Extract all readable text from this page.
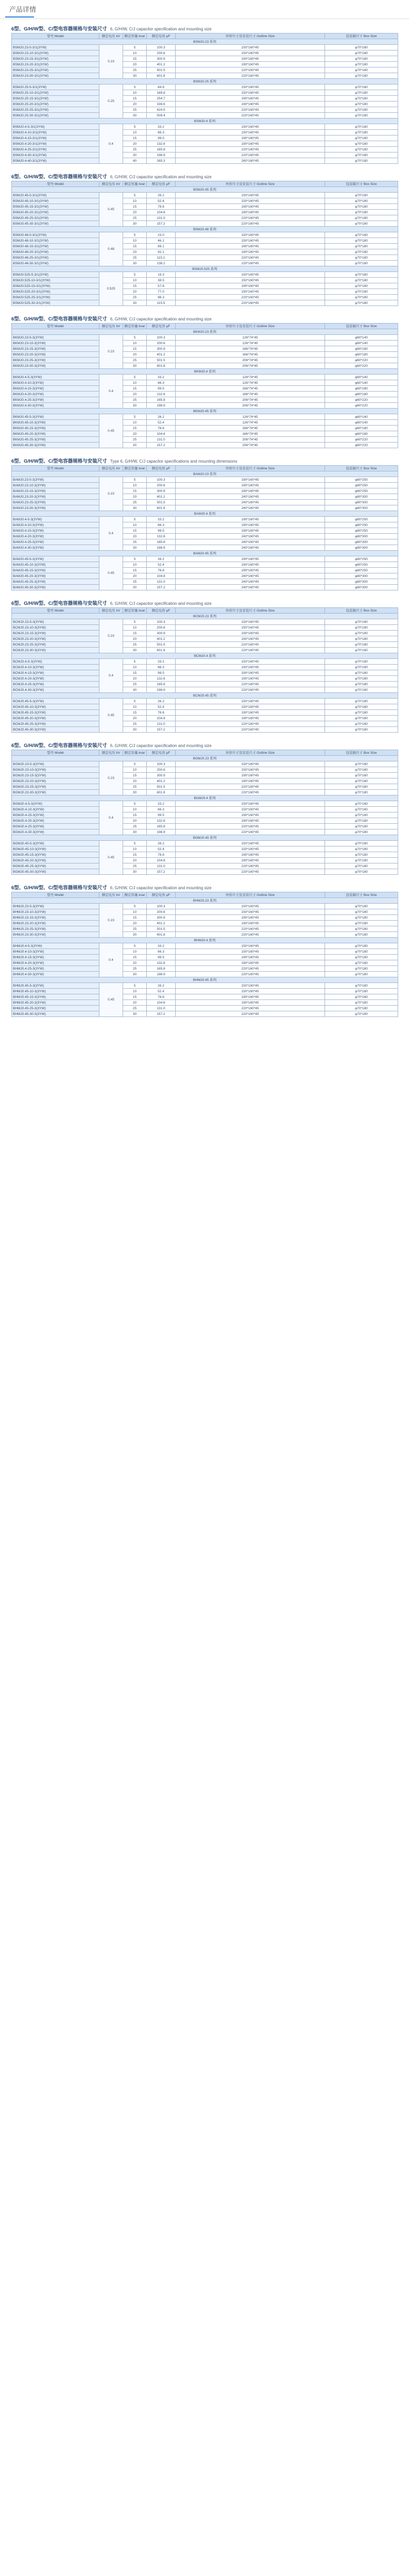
产品详情
6型、G/H/W型、C/型电容器规格与安装尺寸 6, G/H/W, C/J capacitor specification and mounting size
型号 Model	额定电压 kV	额定容量 kvar	额定电容 μF	外形尺寸及安装尺寸 Outline Size	包装箱尺寸 Box Size
BSMJ0.23 系列					
BSMJ0.23-5-3/1(3YW)	0.23	5	100.3	150*160*45	φ70*180
BSMJ0.23-10-3/1(3YW)		10	200.6	150*160*45	φ70*180
BSMJ0.23-15-3/1(3YW)		15	300.9	190*160*45	φ70*180
BSMJ0.23-20-3/1(3YW)		20	401.2	190*160*45	φ70*180
BSMJ0.23-25-3/1(3YW)		25	501.5	220*160*45	φ70*180
BSMJ0.23-30-3/1(3YW)		30	601.8	220*160*45	φ70*180
BSMJ0.25 系列					
BSMJ0.25-5-3/1(3YW)	0.25	5	84.9	150*160*45	φ70*180
BSMJ0.25-10-3/1(3YW)		10	169.8	150*160*45	φ70*180
BSMJ0.25-15-3/1(3YW)		15	254.7	190*160*45	φ70*180
BSMJ0.25-20-3/1(3YW)		20	339.6	190*160*45	φ70*180
BSMJ0.25-25-3/1(3YW)		25	424.5	220*160*45	φ70*180
BSMJ0.25-30-3/1(3YW)		30	509.4	220*160*45	φ70*180
BSMJ0.4 系列					
BSMJ0.4-5-3/1(3YW)	0.4	5	33.2	150*160*45	φ70*180
BSMJ0.4-10-3/1(3YW)		10	66.3	150*160*45	φ70*180
BSMJ0.4-15-3/1(3YW)		15	99.5	190*160*45	φ70*180
BSMJ0.4-20-3/1(3YW)		20	132.6	190*160*45	φ70*180
BSMJ0.4-25-3/1(3YW)		25	165.8	220*160*45	φ70*180
BSMJ0.4-30-3/1(3YW)		30	198.9	220*160*45	φ70*180
BSMJ0.4-40-3/1(3YW)		40	265.3	260*160*45	φ70*180
6型、G/H/W型、C/型电容器规格与安装尺寸 6, G/H/W, C/J capacitor specification and mounting size
型号 Model	额定电压 kV	额定容量 kvar	额定电容 μF	外形尺寸及安装尺寸 Outline Size	包装箱尺寸 Box Size
BSMJ0.45 系列					
BSMJ0.45-5-3/1(3YW)	0.45	5	26.2	150*160*45	φ70*180
BSMJ0.45-10-3/1(3YW)		10	52.4	150*160*45	φ70*180
BSMJ0.45-15-3/1(3YW)		15	78.6	190*160*45	φ70*180
BSMJ0.45-20-3/1(3YW)		20	104.8	190*160*45	φ70*180
BSMJ0.45-25-3/1(3YW)		25	131.0	220*160*45	φ70*180
BSMJ0.45-30-3/1(3YW)		30	157.2	220*160*45	φ70*180
BSMJ0.48 系列					
BSMJ0.48-5-3/1(3YW)	0.48	5	23.0	150*160*45	φ70*180
BSMJ0.48-10-3/1(3YW)		10	46.1	150*160*45	φ70*180
BSMJ0.48-15-3/1(3YW)		15	69.1	190*160*45	φ70*180
BSMJ0.48-20-3/1(3YW)		20	92.1	190*160*45	φ70*180
BSMJ0.48-25-3/1(3YW)		25	115.1	220*160*45	φ70*180
BSMJ0.48-30-3/1(3YW)		30	138.2	220*160*45	φ70*180
BSMJ0.525 系列					
BSMJ0.525-5-3/1(3YW)	0.525	5	19.3	150*160*45	φ70*180
BSMJ0.525-10-3/1(3YW)		10	38.5	150*160*45	φ70*180
BSMJ0.525-15-3/1(3YW)		15	57.8	190*160*45	φ70*180
BSMJ0.525-20-3/1(3YW)		20	77.0	190*160*45	φ70*180
BSMJ0.525-25-3/1(3YW)		25	96.3	220*160*45	φ70*180
BSMJ0.525-30-3/1(3YW)		30	115.5	220*160*45	φ70*180
6型、G/H/W型、C/型电容器规格与安装尺寸 6, G/H/W, C/J capacitor specification and mounting size
型号 Model	额定电压 kV	额定容量 kvar	额定电容 μF	外形尺寸及安装尺寸 Outline Size	包装箱尺寸 Box Size
BKMJ0.23 系列					
BKMJ0.23-5-3(3YW)	0.23	5	100.3	126*74*45	φ60*140
BKMJ0.23-10-3(3YW)		10	200.6	126*74*45	φ60*140
BKMJ0.23-15-3(3YW)		15	300.9	166*74*45	φ60*180
BKMJ0.23-20-3(3YW)		20	401.2	166*74*45	φ60*180
BKMJ0.23-25-3(3YW)		25	501.5	206*74*45	φ60*220
BKMJ0.23-30-3(3YW)		30	601.8	206*74*45	φ60*220
BKMJ0.4 系列					
BKMJ0.4-5-3(3YW)	0.4	5	33.2	126*74*45	φ60*140
BKMJ0.4-10-3(3YW)		10	66.3	126*74*45	φ60*140
BKMJ0.4-15-3(3YW)		15	99.5	166*74*45	φ60*180
BKMJ0.4-20-3(3YW)		20	132.6	166*74*45	φ60*180
BKMJ0.4-25-3(3YW)		25	165.8	206*74*45	φ60*220
BKMJ0.4-30-3(3YW)		30	198.9	206*74*45	φ60*220
BKMJ0.45 系列					
BKMJ0.45-5-3(3YW)	0.45	5	26.2	126*74*45	φ60*140
BKMJ0.45-10-3(3YW)		10	52.4	126*74*45	φ60*140
BKMJ0.45-15-3(3YW)		15	78.6	166*74*45	φ60*180
BKMJ0.45-20-3(3YW)		20	104.8	166*74*45	φ60*180
BKMJ0.45-25-3(3YW)		25	131.0	206*74*45	φ60*220
BKMJ0.45-30-3(3YW)		30	157.2	206*74*45	φ60*220
6型、G/H/W型、C/型电容器规格与安装尺寸 Type 6, G/H/W, C/J capacitor specifications and mounting dimensions
型号 Model	额定电压 kV	额定容量 kvar	额定电容 μF	外形尺寸及安装尺寸 Outline Size	包装箱尺寸 Box Size
BAMJ0.23 系列					
BAMJ0.23-5-3(3YW)	0.23	5	100.3	190*160*45	φ80*250
BAMJ0.23-10-3(3YW)		10	200.6	190*160*45	φ80*250
BAMJ0.23-15-3(3YW)		15	300.9	190*160*45	φ80*250
BAMJ0.23-20-3(3YW)		20	401.2	240*160*45	φ80*300
BAMJ0.23-25-3(3YW)		25	501.5	240*160*45	φ80*300
BAMJ0.23-30-3(3YW)		30	601.8	240*160*45	φ80*300
BAMJ0.4 系列					
BAMJ0.4-5-3(3YW)	0.4	5	33.2	190*160*45	φ80*250
BAMJ0.4-10-3(3YW)		10	66.3	190*160*45	φ80*250
BAMJ0.4-15-3(3YW)		15	99.5	190*160*45	φ80*250
BAMJ0.4-20-3(3YW)		20	132.6	240*160*45	φ80*300
BAMJ0.4-25-3(3YW)		25	165.8	240*160*45	φ80*300
BAMJ0.4-30-3(3YW)		30	198.9	240*160*45	φ80*300
BAMJ0.45 系列					
BAMJ0.45-5-3(3YW)	0.45	5	26.2	190*160*45	φ80*250
BAMJ0.45-10-3(3YW)		10	52.4	190*160*45	φ80*250
BAMJ0.45-15-3(3YW)		15	78.6	190*160*45	φ80*250
BAMJ0.45-20-3(3YW)		20	104.8	240*160*45	φ80*300
BAMJ0.45-25-3(3YW)		25	131.0	240*160*45	φ80*300
BAMJ0.45-30-3(3YW)		30	157.2	240*160*45	φ80*300
6型、G/H/W型、C/型电容器规格与安装尺寸 6, G/H/W, C/J capacitor specification and mounting size
型号 Model	额定电压 kV	额定容量 kvar	额定电容 μF	外形尺寸及安装尺寸 Outline Size	包装箱尺寸 Box Size
BCMJ0.23 系列					
BCMJ0.23-5-3(3YW)	0.23	5	100.3	150*160*45	φ70*180
BCMJ0.23-10-3(3YW)		10	200.6	150*160*45	φ70*180
BCMJ0.23-15-3(3YW)		15	300.9	190*160*45	φ70*180
BCMJ0.23-20-3(3YW)		20	401.2	190*160*45	φ70*180
BCMJ0.23-25-3(3YW)		25	501.5	220*160*45	φ70*180
BCMJ0.23-30-3(3YW)		30	601.8	220*160*45	φ70*180
BCMJ0.4 系列					
BCMJ0.4-5-3(3YW)	0.4	5	33.2	150*160*45	φ70*180
BCMJ0.4-10-3(3YW)		10	66.3	150*160*45	φ70*180
BCMJ0.4-15-3(3YW)		15	99.5	190*160*45	φ70*180
BCMJ0.4-20-3(3YW)		20	132.6	190*160*45	φ70*180
BCMJ0.4-25-3(3YW)		25	165.8	220*160*45	φ70*180
BCMJ0.4-30-3(3YW)		30	198.9	220*160*45	φ70*180
BCMJ0.45 系列					
BCMJ0.45-5-3(3YW)	0.45	5	26.2	150*160*45	φ70*180
BCMJ0.45-10-3(3YW)		10	52.4	150*160*45	φ70*180
BCMJ0.45-15-3(3YW)		15	78.6	190*160*45	φ70*180
BCMJ0.45-20-3(3YW)		20	104.8	190*160*45	φ70*180
BCMJ0.45-25-3(3YW)		25	131.0	220*160*45	φ70*180
BCMJ0.45-30-3(3YW)		30	157.2	220*160*45	φ70*180
6型、G/H/W型、C/型电容器规格与安装尺寸 6, G/H/W, C/J capacitor specification and mounting size
型号 Model	额定电压 kV	额定容量 kvar	额定电容 μF	外形尺寸及安装尺寸 Outline Size	包装箱尺寸 Box Size
BGMJ0.23 系列					
BGMJ0.23-5-3(3YW)	0.23	5	100.3	150*160*45	φ70*180
BGMJ0.23-10-3(3YW)		10	200.6	150*160*45	φ70*180
BGMJ0.23-15-3(3YW)		15	300.9	190*160*45	φ70*180
BGMJ0.23-20-3(3YW)		20	401.2	190*160*45	φ70*180
BGMJ0.23-25-3(3YW)		25	501.5	220*160*45	φ70*180
BGMJ0.23-30-3(3YW)		30	601.8	220*160*45	φ70*180
BGMJ0.4 系列					
BGMJ0.4-5-3(3YW)	0.4	5	33.2	150*160*45	φ70*180
BGMJ0.4-10-3(3YW)		10	66.3	150*160*45	φ70*180
BGMJ0.4-15-3(3YW)		15	99.5	190*160*45	φ70*180
BGMJ0.4-20-3(3YW)		20	132.6	190*160*45	φ70*180
BGMJ0.4-25-3(3YW)		25	165.8	220*160*45	φ70*180
BGMJ0.4-30-3(3YW)		30	198.9	220*160*45	φ70*180
BGMJ0.45 系列					
BGMJ0.45-5-3(3YW)	0.45	5	26.2	150*160*45	φ70*180
BGMJ0.45-10-3(3YW)		10	52.4	150*160*45	φ70*180
BGMJ0.45-15-3(3YW)		15	78.6	190*160*45	φ70*180
BGMJ0.45-20-3(3YW)		20	104.8	190*160*45	φ70*180
BGMJ0.45-25-3(3YW)		25	131.0	220*160*45	φ70*180
BGMJ0.45-30-3(3YW)		30	157.2	220*160*45	φ70*180
6型、G/H/W型、C/型电容器规格与安装尺寸 6, G/H/W, C/J capacitor specification and mounting size
型号 Model	额定电压 kV	额定容量 kvar	额定电容 μF	外形尺寸及安装尺寸 Outline Size	包装箱尺寸 Box Size
BHMJ0.23 系列					
BHMJ0.23-5-3(3YW)	0.23	5	100.3	150*160*45	φ70*180
BHMJ0.23-10-3(3YW)		10	200.6	150*160*45	φ70*180
BHMJ0.23-15-3(3YW)		15	300.9	190*160*45	φ70*180
BHMJ0.23-20-3(3YW)		20	401.2	190*160*45	φ70*180
BHMJ0.23-25-3(3YW)		25	501.5	220*160*45	φ70*180
BHMJ0.23-30-3(3YW)		30	601.8	220*160*45	φ70*180
BHMJ0.4 系列					
BHMJ0.4-5-3(3YW)	0.4	5	33.2	150*160*45	φ70*180
BHMJ0.4-10-3(3YW)		10	66.3	150*160*45	φ70*180
BHMJ0.4-15-3(3YW)		15	99.5	190*160*45	φ70*180
BHMJ0.4-20-3(3YW)		20	132.6	190*160*45	φ70*180
BHMJ0.4-25-3(3YW)		25	165.8	220*160*45	φ70*180
BHMJ0.4-30-3(3YW)		30	198.9	220*160*45	φ70*180
BHMJ0.45 系列					
BHMJ0.45-5-3(3YW)	0.45	5	26.2	150*160*45	φ70*180
BHMJ0.45-10-3(3YW)		10	52.4	150*160*45	φ70*180
BHMJ0.45-15-3(3YW)		15	78.6	190*160*45	φ70*180
BHMJ0.45-20-3(3YW)		20	104.8	190*160*45	φ70*180
BHMJ0.45-25-3(3YW)		25	131.0	220*160*45	φ70*180
BHMJ0.45-30-3(3YW)		30	157.2	220*160*45	φ70*180
